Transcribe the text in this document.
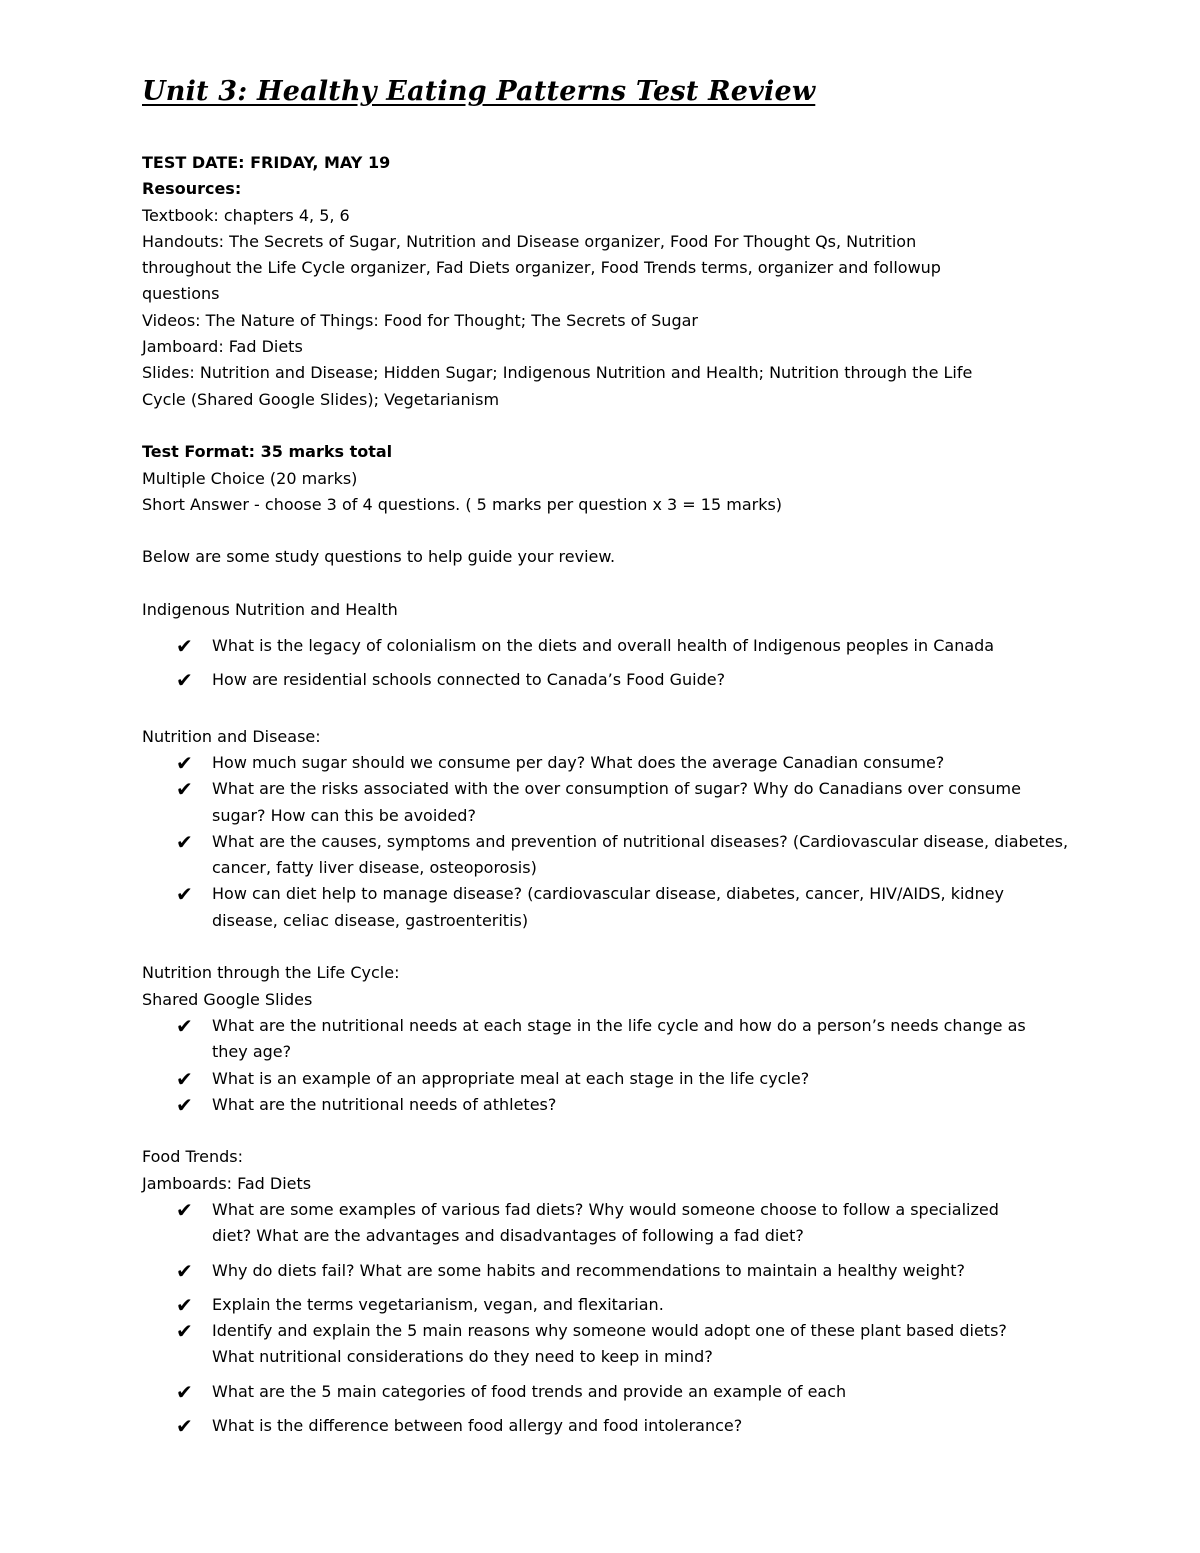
Unit 3: Healthy Eating Patterns Test Review

TEST DATE: FRIDAY, MAY 19

Resources:

Textbook: chapters 4, 5, 6

Handouts: The Secrets of Sugar, Nutrition and Disease organizer, Food For Thought Qs, Nutrition

throughout the Life Cycle organizer, Fad Diets organizer, Food Trends terms, organizer and followup

questions

Videos: The Nature of Things: Food for Thought; The Secrets of Sugar

Jamboard: Fad Diets

Slides: Nutrition and Disease; Hidden Sugar; Indigenous Nutrition and Health; Nutrition through the Life

Cycle (Shared Google Slides); Vegetarianism

Test Format: 35 marks total

Multiple Choice (20 marks)

Short Answer - choose 3 of 4 questions. ( 5 marks per question x 3 = 15 marks)

Below are some study questions to help guide your review.

Indigenous Nutrition and Health

✔ What is the legacy of colonialism on the diets and overall health of Indigenous peoples in Canada
✔ How are residential schools connected to Canada’s Food Guide?

Nutrition and Disease:

✔ How much sugar should we consume per day? What does the average Canadian consume?
✔ What are the risks associated with the over consumption of sugar? Why do Canadians over consume sugar? How can this be avoided?
✔ What are the causes, symptoms and prevention of nutritional diseases? (Cardiovascular disease, diabetes, cancer, fatty liver disease, osteoporosis)
✔ How can diet help to manage disease? (cardiovascular disease, diabetes, cancer, HIV/AIDS, kidney disease, celiac disease, gastroenteritis)

Nutrition through the Life Cycle:

Shared Google Slides

✔ What are the nutritional needs at each stage in the life cycle and how do a person’s needs change as they age?
✔ What is an example of an appropriate meal at each stage in the life cycle?
✔ What are the nutritional needs of athletes?

Food Trends:

Jamboards: Fad Diets

✔ What are some examples of various fad diets? Why would someone choose to follow a specialized diet? What are the advantages and disadvantages of following a fad diet?
✔ Why do diets fail? What are some habits and recommendations to maintain a healthy weight?
✔ Explain the terms vegetarianism, vegan, and flexitarian.
✔ Identify and explain the 5 main reasons why someone would adopt one of these plant based diets? What nutritional considerations do they need to keep in mind?
✔ What are the 5 main categories of food trends and provide an example of each
✔ What is the difference between food allergy and food intolerance?
